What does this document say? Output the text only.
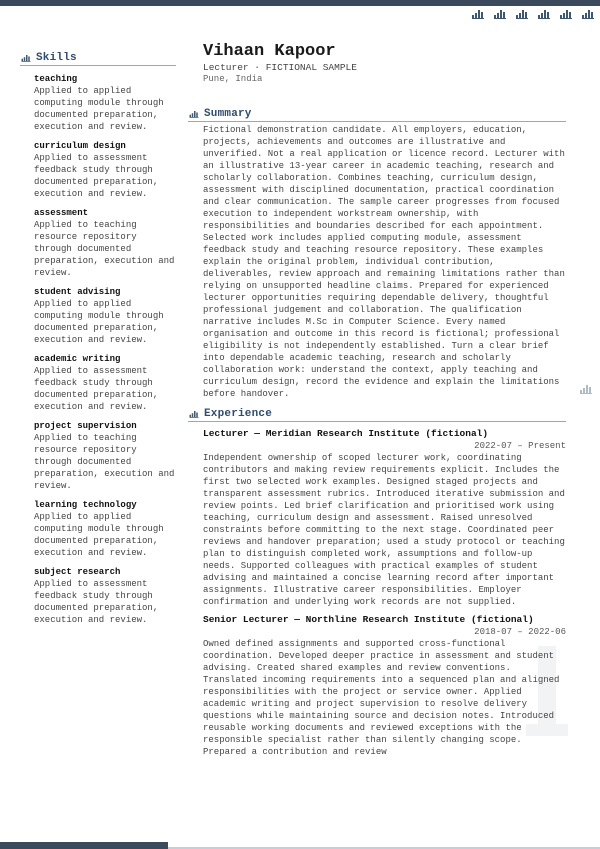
Skills
teaching
Applied to applied computing module through documented preparation, execution and review.
curriculum design
Applied to assessment feedback study through documented preparation, execution and review.
assessment
Applied to teaching resource repository through documented preparation, execution and review.
student advising
Applied to applied computing module through documented preparation, execution and review.
academic writing
Applied to assessment feedback study through documented preparation, execution and review.
project supervision
Applied to teaching resource repository through documented preparation, execution and review.
learning technology
Applied to applied computing module through documented preparation, execution and review.
subject research
Applied to assessment feedback study through documented preparation, execution and review.
Vihaan Kapoor
Lecturer · FICTIONAL SAMPLE
Pune, India
Summary
Fictional demonstration candidate. All employers, education, projects, achievements and outcomes are illustrative and unverified. Not a real application or licence record. Lecturer with an illustrative 13-year career in academic teaching, research and scholarly collaboration. Combines teaching, curriculum design, assessment with disciplined documentation, practical coordination and clear communication. The sample career progresses from focused execution to independent workstream ownership, with responsibilities and boundaries described for each appointment. Selected work includes applied computing module, assessment feedback study and teaching resource repository. These examples explain the original problem, individual contribution, deliverables, review approach and remaining limitations rather than relying on unsupported headline claims. Prepared for experienced lecturer opportunities requiring dependable delivery, thoughtful professional judgement and collaboration. The qualification narrative includes M.Sc in Computer Science. Every named organisation and outcome in this record is fictional; professional eligibility is not independently established. Turn a clear brief into dependable academic teaching, research and scholarly collaboration work: understand the context, apply teaching and curriculum design, record the evidence and explain the limitations before handover.
Experience
Lecturer — Meridian Research Institute (fictional)
2022-07 – Present
Independent ownership of scoped lecturer work, coordinating contributors and making review requirements explicit. Includes the first two selected work examples. Designed staged projects and transparent assessment rubrics. Introduced iterative submission and review points. Led brief clarification and prioritised work using teaching, curriculum design and assessment. Raised unresolved constraints before committing to the next stage. Coordinated peer reviews and handover preparation; used a study protocol or teaching plan to distinguish completed work, assumptions and follow-up needs. Supported colleagues with practical examples of student advising and maintained a concise learning record after important assignments. Illustrative career responsibilities. Employer confirmation and underlying work records are not supplied.
Senior Lecturer — Northline Research Institute (fictional)
2018-07 – 2022-06
Owned defined assignments and supported cross-functional coordination. Developed deeper practice in assessment and student advising. Created shared examples and review conventions. Translated incoming requirements into a sequenced plan and aligned responsibilities with the project or service owner. Applied academic writing and project supervision to resolve delivery questions while maintaining source and decision notes. Introduced reusable working documents and reviewed exceptions with the responsible specialist rather than silently changing scope. Prepared a contribution and review
